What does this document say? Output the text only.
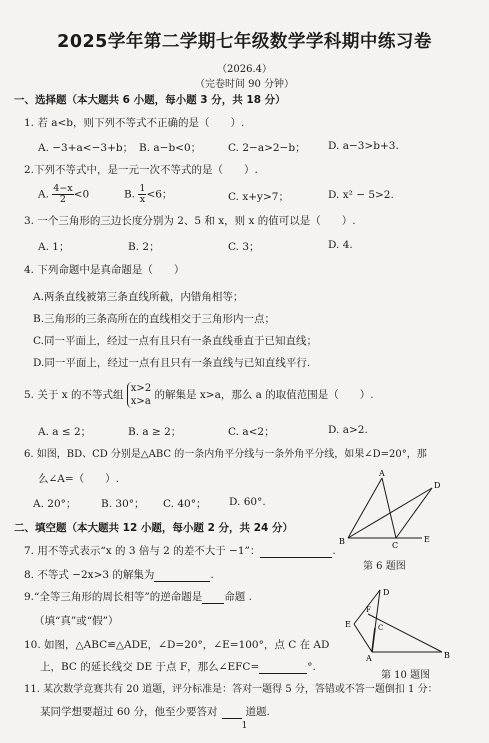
2025学年第二学期七年级数学学科期中练习卷
（2026.4）
（完卷时间 90 分钟）
一、选择题（本大题共 6 小题，每小题 3 分，共 18 分）
1. 若 a<b，则下列不等式不正确的是（　　）.
A. −3+a<−3+b； B. a−b<0；	C. 2−a>2−b； D. a−3>b+3.
2.下列不等式中，是一元一次不等式的是（　　）.
A. $\frac{4-x}{2} <0$	B. $\frac{1}{x} <6$；	C. x+y>7；	D. x² − 5>2.
3. 一个三角形的三边长度分别为 2、5 和 x，则 x 的值可以是（　　）.
A. 1；	B. 2；	C. 3；	D. 4.
4. 下列命题中是真命题是（　　）
A.两条直线被第三条直线所截，内错角相等；
B.三角形的三条高所在的直线相交于三角形内一点；
C.同一平面上，经过一点有且只有一条直线垂直于已知直线；
D.同一平面上，经过一点有且只有一条直线与已知直线平行.
5. 关于 x 的不等式组
x>2
x>a
的解集是 x>a，那么 a 的取值范围是（　　）.
A. a ≤ 2；	B. a ≥ 2；	C. a<2；	D. a>2.
6. 如图，BD、CD 分别是△ABC 的一条内角平分线与一条外角平分线，如果∠D=20°，那
么∠A=（　　）.
A. 20°； B. 30°； C. 40°； D. 60°.
A
D
B	C
E
第 6 题图
二、填空题（本大题共 12 小题，每小题 2 分，共 24 分）
7. 用不等式表示“x 的 3 倍与 2 的差不大于 −1”：	.
8. 不等式 −2x>3 的解集为	.
9.“全等三角形的周长相等”的逆命题是 命题 .
（填“真”或“假”）
10. 如图，△ABC≌△ADE，∠D=20°，∠E=100°，点 C 在 AD
上，BC 的延长线交 DE 于点 F，那么∠EFC=	°.
D
E
F
C
A	B
第 10 题图
11. 某次数学竞赛共有 20 道题，评分标准是：答对一题得 5 分，答错或不答一题倒扣 1 分：
某同学想要超过 60 分，他至少要答对	道题.
1
